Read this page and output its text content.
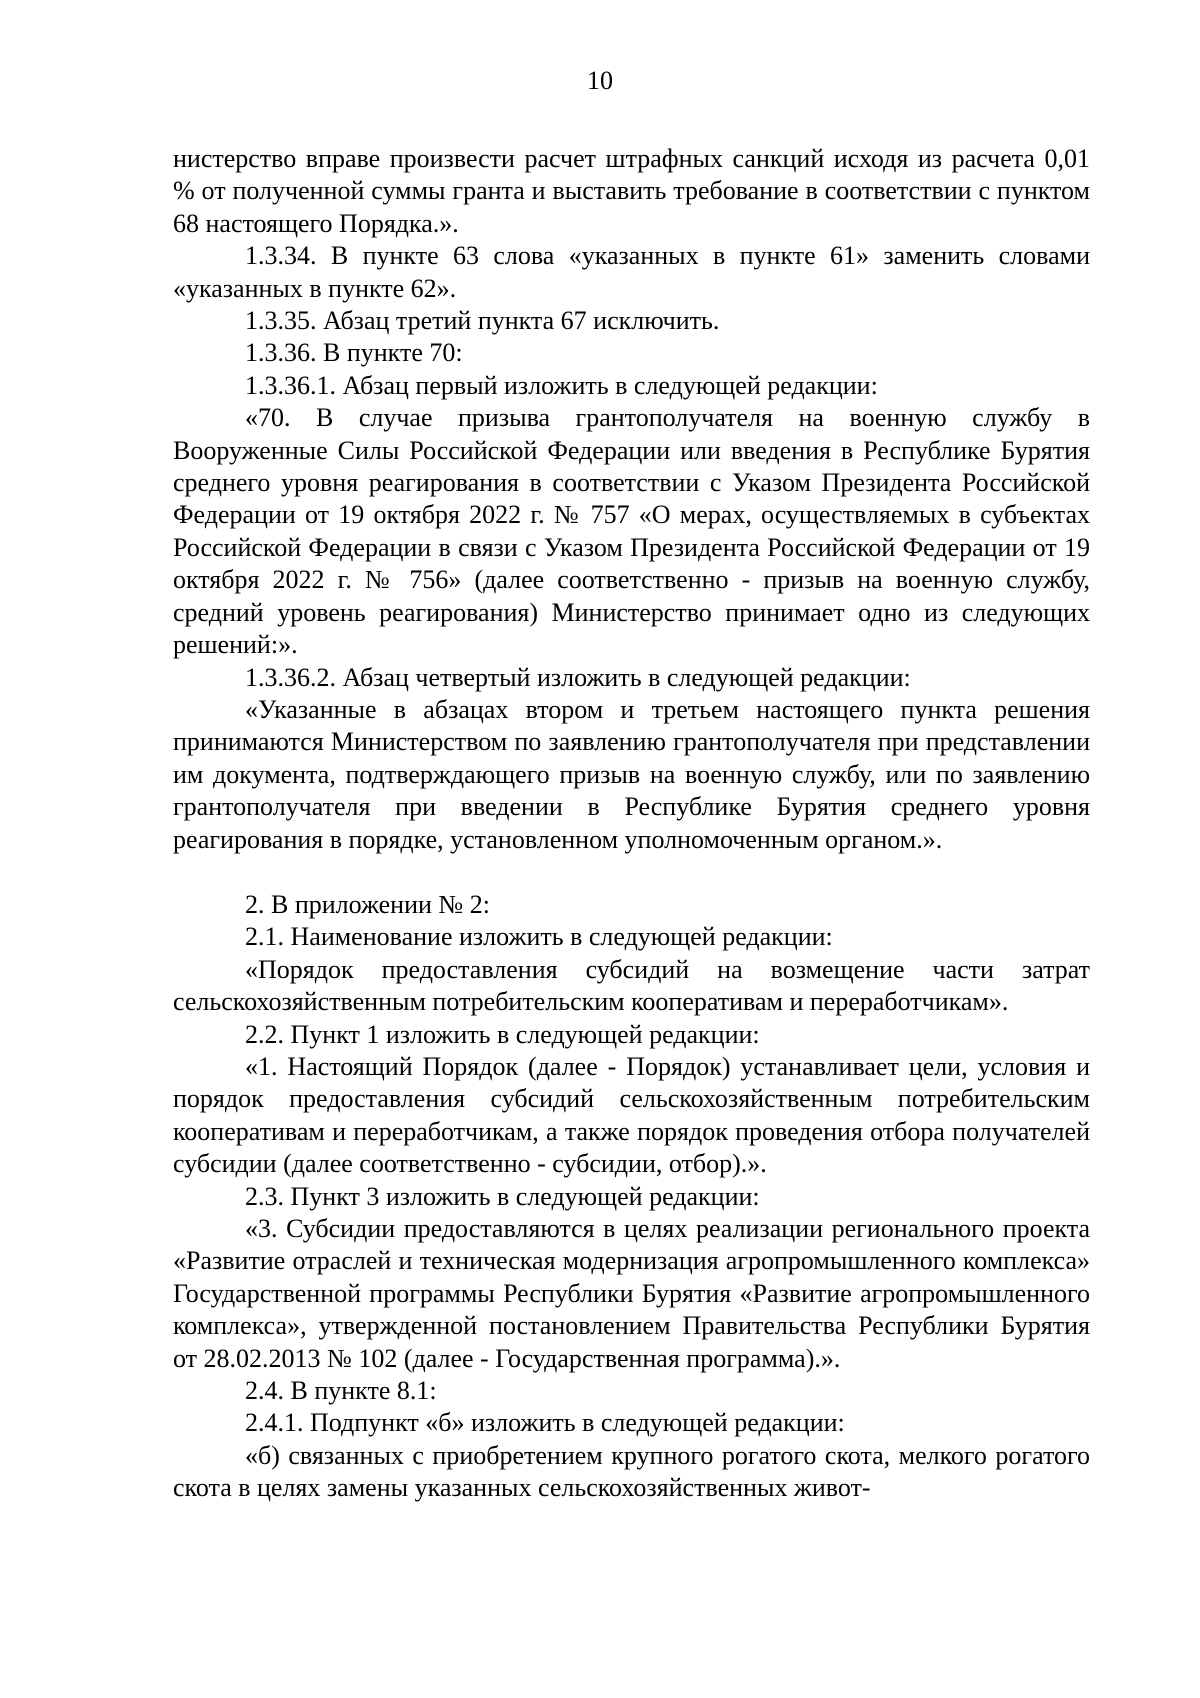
10

нистерство вправе произвести расчет штрафных санкций исходя из расчета 0,01 % от полученной суммы гранта и выставить требование в соответствии с пунктом 68 настоящего Порядка.».

1.3.34. В пункте 63 слова «указанных в пункте 61» заменить словами «указанных в пункте 62».

1.3.35. Абзац третий пункта 67 исключить.

1.3.36. В пункте 70:

1.3.36.1. Абзац первый изложить в следующей редакции:

«70. В случае призыва грантополучателя на военную службу в Вооруженные Силы Российской Федерации или введения в Республике Бурятия среднего уровня реагирования в соответствии с Указом Президента Российской Федерации от 19 октября 2022 г. № 757 «О мерах, осуществляемых в субъектах Российской Федерации в связи с Указом Президента Российской Федерации от 19 октября 2022 г. № 756» (далее соответственно - призыв на военную службу, средний уровень реагирования) Министерство принимает одно из следующих решений:».

1.3.36.2. Абзац четвертый изложить в следующей редакции:

«Указанные в абзацах втором и третьем настоящего пункта решения принимаются Министерством по заявлению грантополучателя при представлении им документа, подтверждающего призыв на военную службу, или по заявлению грантополучателя при введении в Республике Бурятия среднего уровня реагирования в порядке, установленном уполномоченным органом.».

2. В приложении № 2:

2.1. Наименование изложить в следующей редакции:

«Порядок предоставления субсидий на возмещение части затрат сельскохозяйственным потребительским кооперативам и переработчикам».

2.2. Пункт 1 изложить в следующей редакции:

«1. Настоящий Порядок (далее - Порядок) устанавливает цели, условия и порядок предоставления субсидий сельскохозяйственным потребительским кооперативам и переработчикам, а также порядок проведения отбора получателей субсидии (далее соответственно - субсидии, отбор).».

2.3. Пункт 3 изложить в следующей редакции:

«3. Субсидии предоставляются в целях реализации регионального проекта «Развитие отраслей и техническая модернизация агропромышленного комплекса» Государственной программы Республики Бурятия «Развитие агропромышленного комплекса», утвержденной постановлением Правительства Республики Бурятия от 28.02.2013 № 102 (далее - Государственная программа).».

2.4. В пункте 8.1:

2.4.1. Подпункт «б» изложить в следующей редакции:

«б) связанных с приобретением крупного рогатого скота, мелкого рогатого скота в целях замены указанных сельскохозяйственных живот-
